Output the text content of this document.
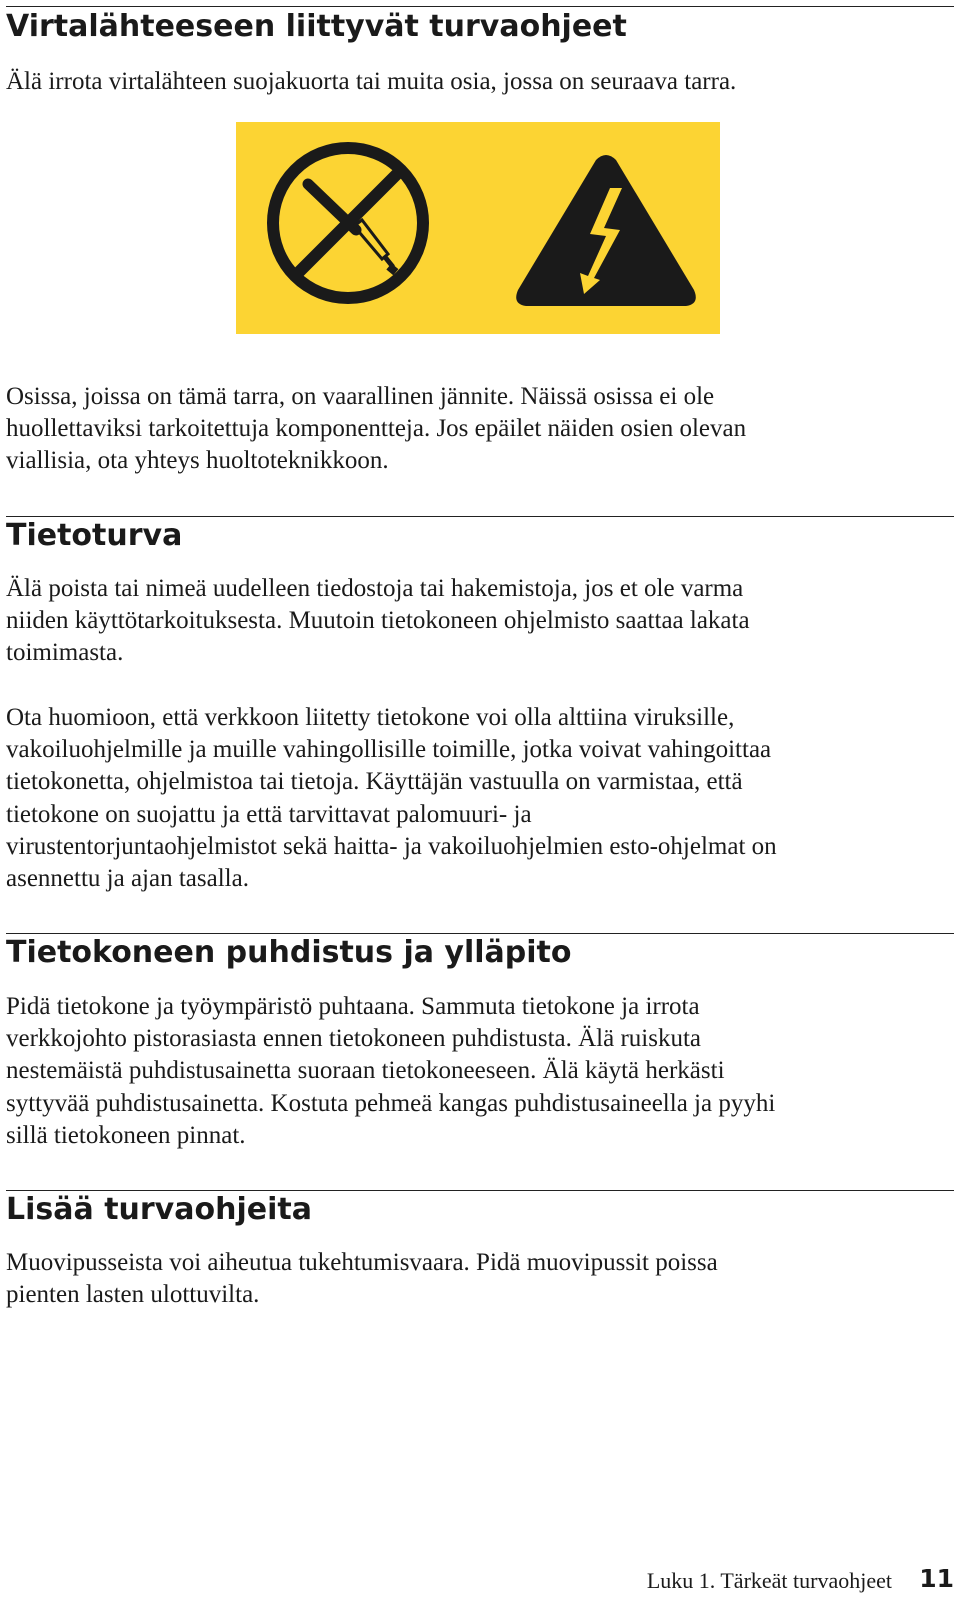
Virtalähteeseen liittyvät turvaohjeet
Älä irrota virtalähteen suojakuorta tai muita osia, jossa on seuraava tarra.
Osissa, joissa on tämä tarra, on vaarallinen jännite. Näissä osissa ei ole
huollettaviksi tarkoitettuja komponentteja. Jos epäilet näiden osien olevan
viallisia, ota yhteys huoltoteknikkoon.
Tietoturva
Älä poista tai nimeä uudelleen tiedostoja tai hakemistoja, jos et ole varma
niiden käyttötarkoituksesta. Muutoin tietokoneen ohjelmisto saattaa lakata
toimimasta.
Ota huomioon, että verkkoon liitetty tietokone voi olla alttiina viruksille,
vakoiluohjelmille ja muille vahingollisille toimille, jotka voivat vahingoittaa
tietokonetta, ohjelmistoa tai tietoja. Käyttäjän vastuulla on varmistaa, että
tietokone on suojattu ja että tarvittavat palomuuri- ja
virustentorjuntaohjelmistot sekä haitta- ja vakoiluohjelmien esto-ohjelmat on
asennettu ja ajan tasalla.
Tietokoneen puhdistus ja ylläpito
Pidä tietokone ja työympäristö puhtaana. Sammuta tietokone ja irrota
verkkojohto pistorasiasta ennen tietokoneen puhdistusta. Älä ruiskuta
nestemäistä puhdistusainetta suoraan tietokoneeseen. Älä käytä herkästi
syttyvää puhdistusainetta. Kostuta pehmeä kangas puhdistusaineella ja pyyhi
sillä tietokoneen pinnat.
Lisää turvaohjeita
Muovipusseista voi aiheutua tukehtumisvaara. Pidä muovipussit poissa
pienten lasten ulottuvilta.
Luku 1. Tärkeät turvaohjeet 11
